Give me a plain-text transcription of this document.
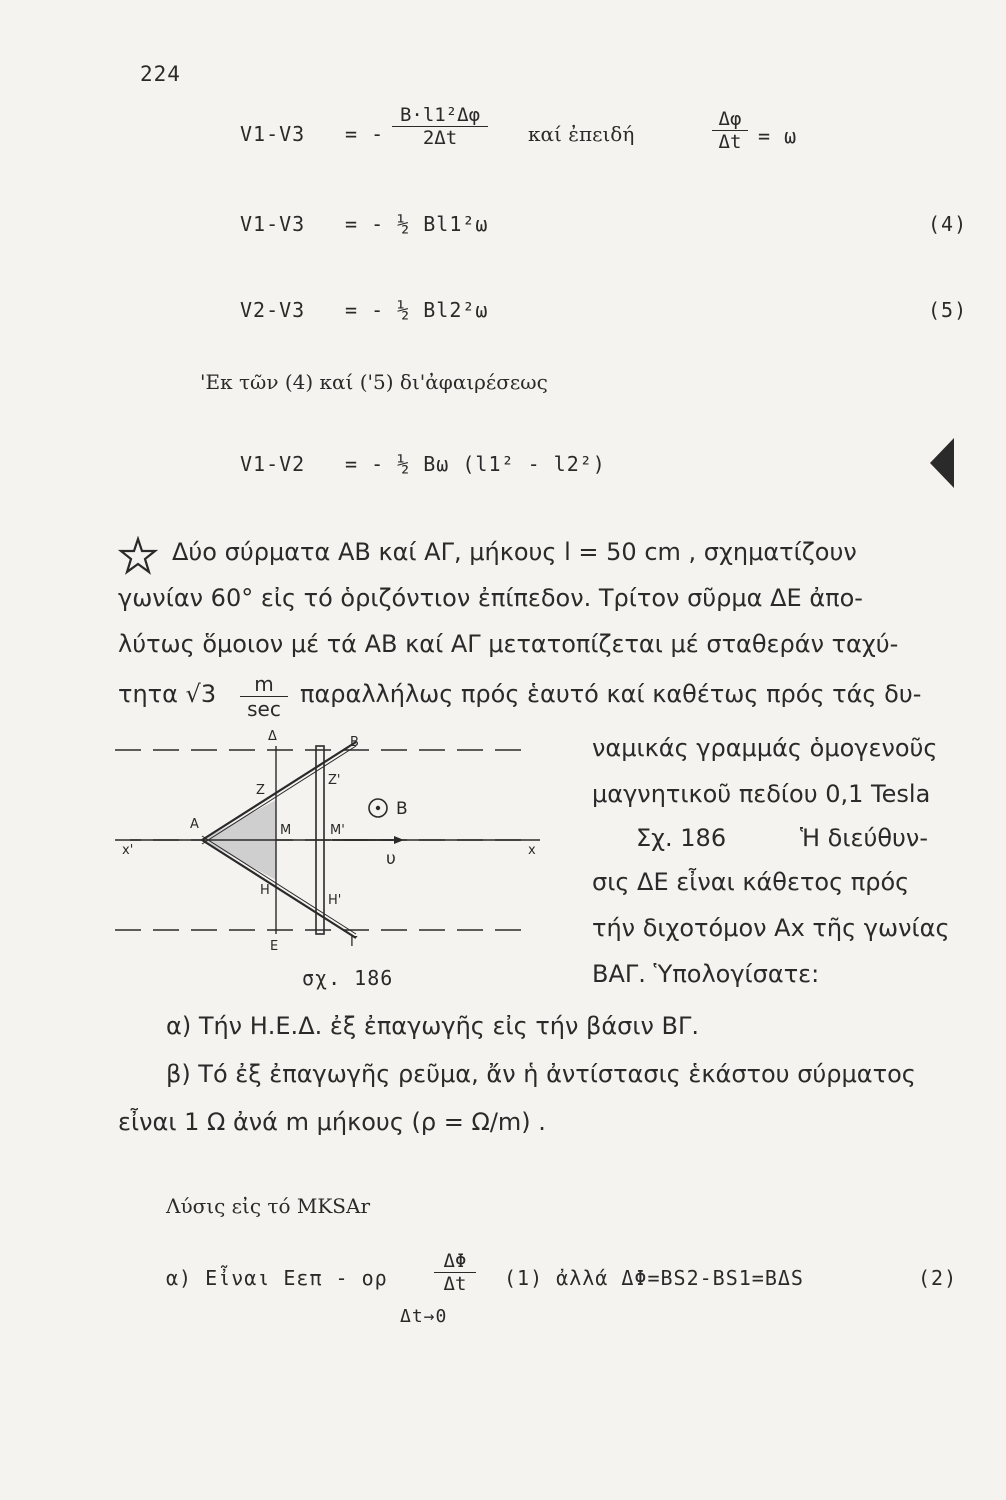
224
V1-V3 = - $\frac{\text{B·l1²Δφ}}{2\Delta t}$ καί ἐπειδή	$\frac{\Delta\varphi}{\Delta t} = \omega$
V1-V3 = - ½ Bl1²ω	(4)
V2-V3 = - ½ Bl2²ω	(5)
'Εκ τῶν (4) καί ('5) δι'ἀφαιρέσεως
V1-V2 = - ½ Bω (l1² - l2²)
Δύο σύρματα ΑΒ καί ΑΓ, μήκους l = 50 cm , σχηματίζουν
γωνίαν 60° εἰς τό ὁριζόντιον ἐπίπεδον. Τρίτον σῦρμα ΔΕ ἀπο-
λύτως ὅμοιον μέ τά ΑΒ καί ΑΓ μετατοπίζεται μέ σταθεράν ταχύ-
τητα √3	m
sec
παραλλήλως πρός ἑαυτό καί καθέτως πρός τάς δυ-
ναμικάς γραμμάς ὁμογενοῦς
μαγνητικοῦ πεδίου 0,1 Tesla
Σχ. 186	Ἡ διεύθυν-
σις ΔΕ εἶναι κάθετος πρός
τήν διχοτόμον Αx τῆς γωνίας
ΒΑΓ. Ὑπολογίσατε:
Α
Δ	Β
Ζ
Ζ'
Μ	Μ'
Η
Η'
Ε	Γ
x
x'
B
υ
σχ. 186
α) Τήν Η.Ε.Δ. ἐξ ἐπαγωγῆς εἰς τήν βάσιν ΒΓ.
β) Τό ἐξ ἐπαγωγῆς ρεῦμα, ἄν ἡ ἀντίστασις ἑκάστου σύρματος
εἶναι 1 Ω ἀνά m μήκους (ρ = Ω/m) .
Λύσις εἰς τό MKSAr
α) Εἶναι Εεπ - ορ $\frac{\Delta\Phi}{\Delta t}$
Δt→0
(1) ἀλλά ΔΦ=BS2-BS1=BΔS	(2)
